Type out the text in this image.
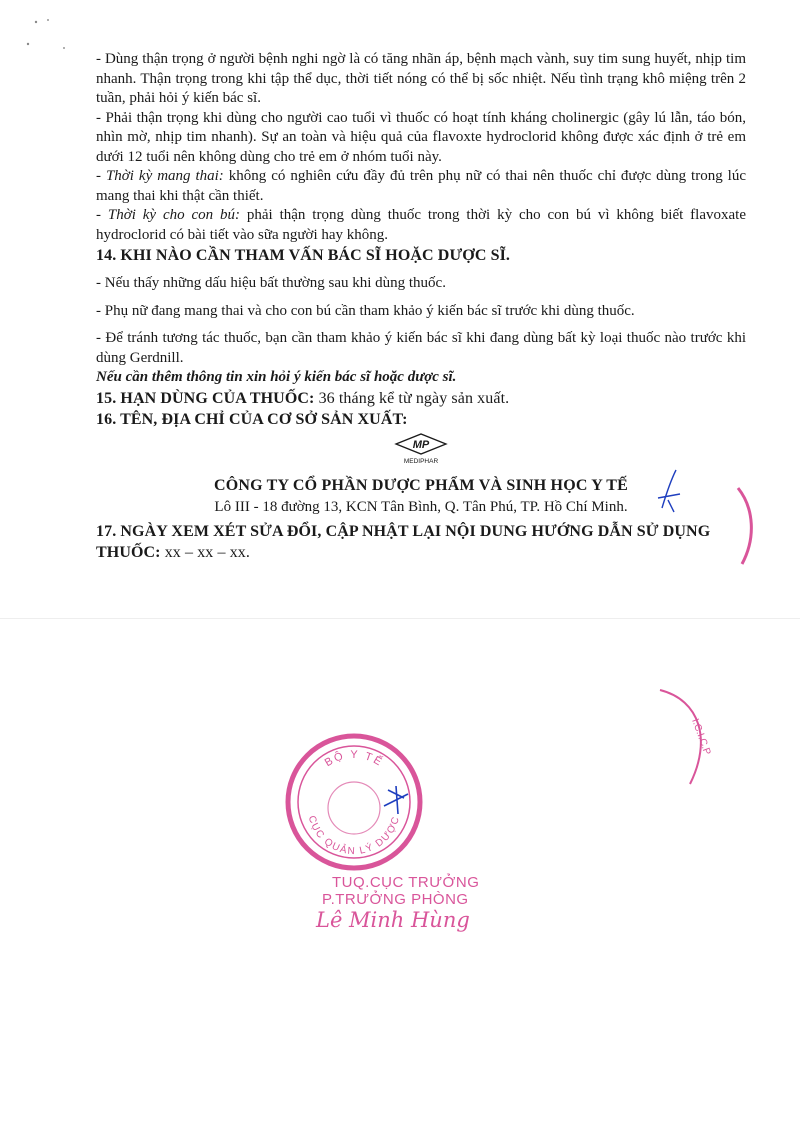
- Dùng thận trọng ở người bệnh nghi ngờ là có tăng nhãn áp, bệnh mạch vành, suy tim sung huyết, nhịp tim nhanh. Thận trọng trong khi tập thể dục, thời tiết nóng có thể bị sốc nhiệt. Nếu tình trạng khô miệng trên 2 tuần, phải hỏi ý kiến bác sĩ.

- Phải thận trọng khi dùng cho người cao tuổi vì thuốc có hoạt tính kháng cholinergic (gây lú lẫn, táo bón, nhìn mờ, nhịp tim nhanh). Sự an toàn và hiệu quả của flavoxte hydroclorid không được xác định ở trẻ em dưới 12 tuổi nên không dùng cho trẻ em ở nhóm tuổi này.

- Thời kỳ mang thai: không có nghiên cứu đầy đủ trên phụ nữ có thai nên thuốc chỉ được dùng trong lúc mang thai khi thật cần thiết.

- Thời kỳ cho con bú: phải thận trọng dùng thuốc trong thời kỳ cho con bú vì không biết flavoxate hydroclorid có bài tiết vào sữa người hay không.

14. KHI NÀO CẦN THAM VẤN BÁC SĨ HOẶC DƯỢC SĨ.

- Nếu thấy những dấu hiệu bất thường sau khi dùng thuốc.

- Phụ nữ đang mang thai và cho con bú cần tham khảo ý kiến bác sĩ trước khi dùng thuốc.

- Để tránh tương tác thuốc, bạn cần tham khảo ý kiến bác sĩ khi đang dùng bất kỳ loại thuốc nào trước khi dùng Gerdnill.

Nếu cần thêm thông tin xin hỏi ý kiến bác sĩ hoặc dược sĩ.

15. HẠN DÙNG CỦA THUỐC: 36 tháng kể từ ngày sản xuất.

16. TÊN, ĐỊA CHỈ CỦA CƠ SỞ SẢN XUẤT:

MP
MEDIPHAR

CÔNG TY CỔ PHẦN DƯỢC PHẨM VÀ SINH HỌC Y TẾ

Lô III - 18 đường 13, KCN Tân Bình, Q. Tân Phú, TP. Hồ Chí Minh.

17. NGÀY XEM XÉT SỬA ĐỔI, CẬP NHẬT LẠI NỘI DUNG HƯỚNG DẪN SỬ DỤNG THUỐC: xx – xx – xx.

I.C.I.C.P
BỘ Y TẾ
CỤC QUẢN LÝ DƯỢC
TUQ.CỤC TRƯỞNG
P.TRƯỞNG PHÒNG
Lê Minh Hùng
